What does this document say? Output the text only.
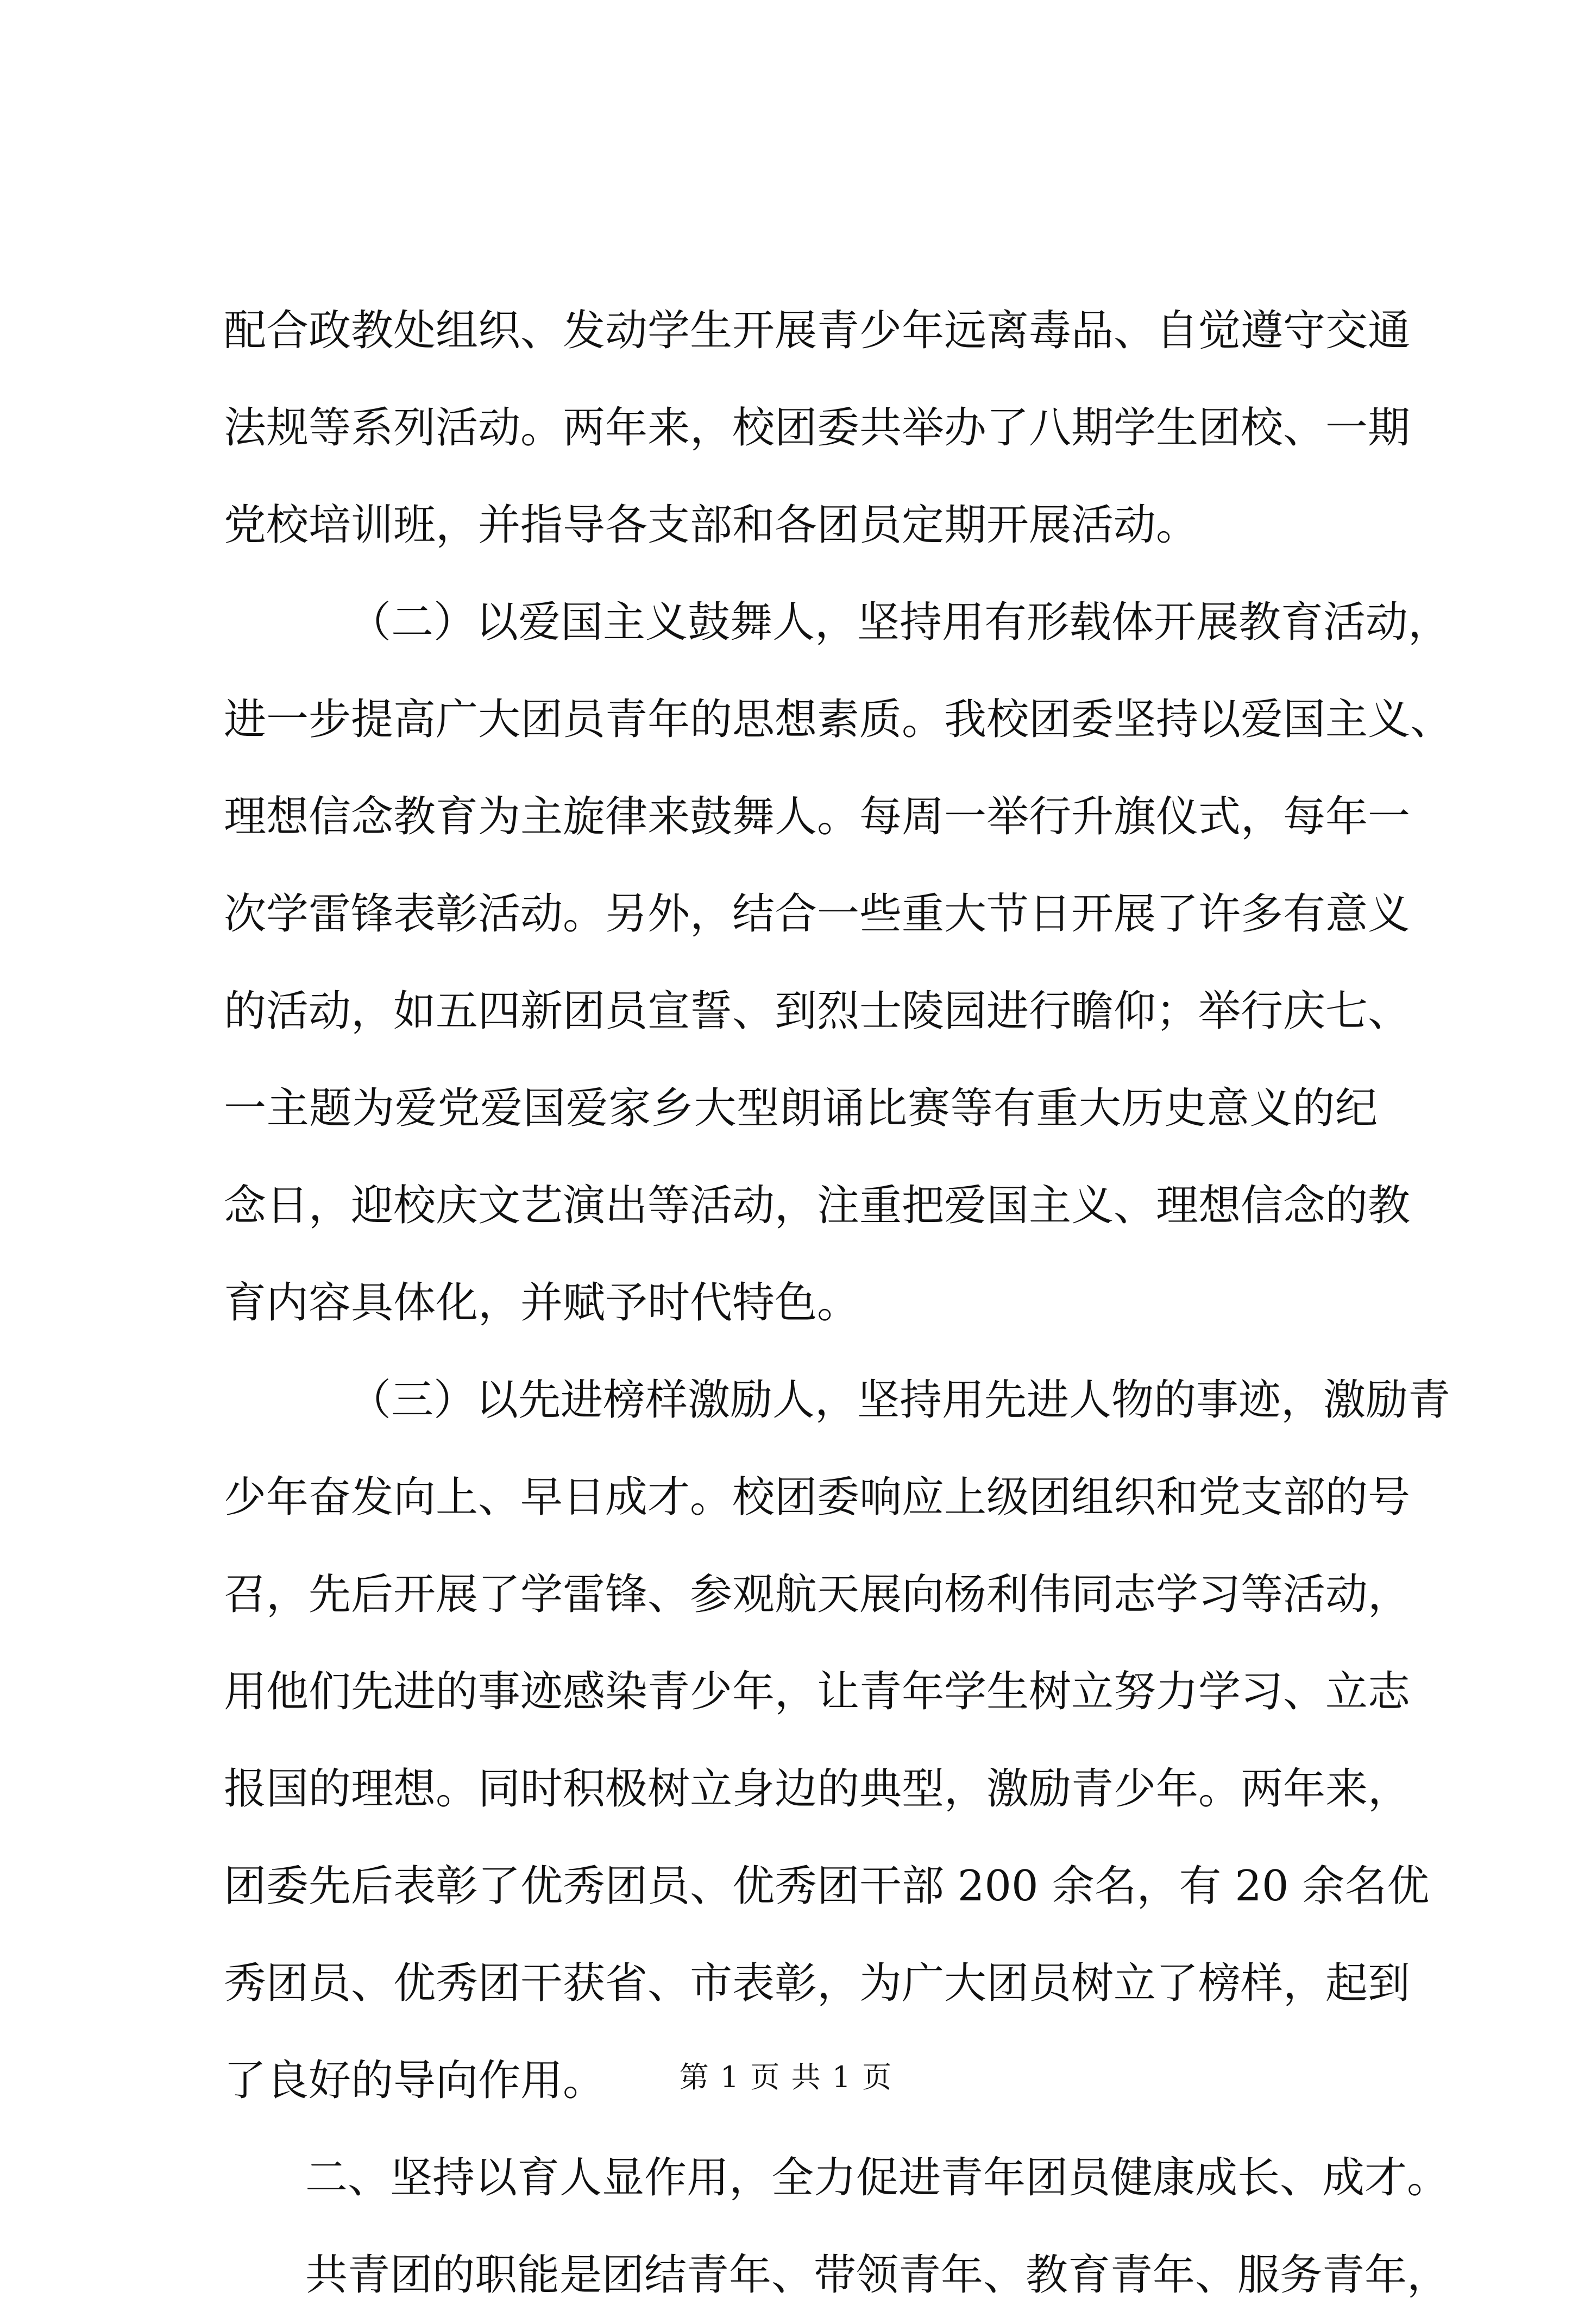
配合政教处组织、发动学生开展青少年远离毒品、自觉遵守交通
法规等系列活动。两年来，校团委共举办了八期学生团校、一期
党校培训班，并指导各支部和各团员定期开展活动。
（二）以爱国主义鼓舞人，坚持用有形载体开展教育活动，
进一步提高广大团员青年的思想素质。我校团委坚持以爱国主义、
理想信念教育为主旋律来鼓舞人。每周一举行升旗仪式，每年一
次学雷锋表彰活动。另外，结合一些重大节日开展了许多有意义
的活动，如五四新团员宣誓、到烈士陵园进行瞻仰；举行庆七、
一主题为爱党爱国爱家乡大型朗诵比赛等有重大历史意义的纪
念日，迎校庆文艺演出等活动，注重把爱国主义、理想信念的教
育内容具体化，并赋予时代特色。
（三）以先进榜样激励人，坚持用先进人物的事迹，激励青
少年奋发向上、早日成才。校团委响应上级团组织和党支部的号
召，先后开展了学雷锋、参观航天展向杨利伟同志学习等活动，
用他们先进的事迹感染青少年，让青年学生树立努力学习、立志
报国的理想。同时积极树立身边的典型，激励青少年。两年来，
团委先后表彰了优秀团员、优秀团干部 200 余名，有 20 余名优
秀团员、优秀团干获省、市表彰，为广大团员树立了榜样，起到
了良好的导向作用。
二、坚持以育人显作用，全力促进青年团员健康成长、成才。
共青团的职能是团结青年、带领青年、教育青年、服务青年，
第 1 页 共 1 页
